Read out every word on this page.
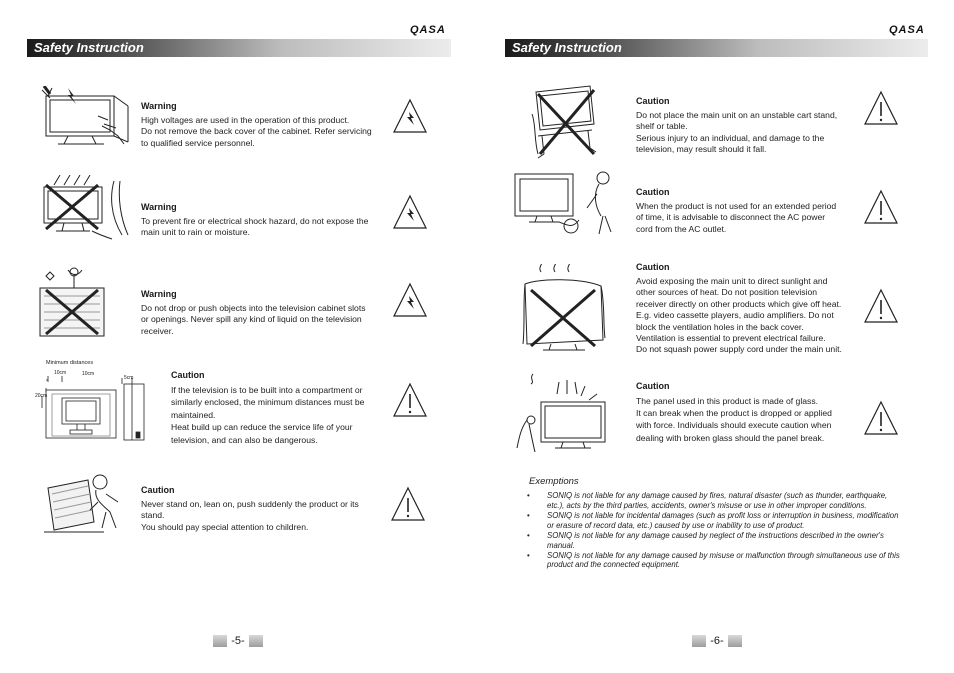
QASA
Safety Instruction
Warning
High voltages are used in the operation of this product.
Do not remove the back cover of the cabinet. Refer servicing
to qualified service personnel.
Warning
To prevent fire or electrical shock hazard, do not expose the
main unit to rain or moisture.
Warning
Do not drop or push objects into the television cabinet slots
or openings. Never spill any kind of liquid on the television
receiver.
Minimum distances
10cm	10cm
5cm
20cm
Caution
If the television is to be built into a compartment or
similarly enclosed, the minimum distances must be
maintained.
Heat build up can reduce the service life of your
television, and can also be dangerous.
Caution
Never stand on, lean on, push suddenly the product or its
stand.
You should pay special attention to children.
-5-
QASA
Safety Instruction
Caution
Do not place the main unit on an unstable cart stand,
shelf or table.
Serious injury to an individual, and damage to the
television, may result should it fall.
Caution
When the product is not used for an extended period
of time, it is advisable to disconnect the AC power
cord from the AC outlet.
Caution
Avoid exposing the main unit to direct sunlight and
other sources of heat. Do not position television
receiver directly on other products which give off heat.
E.g. video cassette players, audio amplifiers. Do not
block the ventilation holes in the back cover.
Ventilation is essential to prevent electrical failure.
Do not squash power supply cord under the main unit.
Caution
The panel used in this product is made of glass.
It can break when the product is dropped or applied
with force. Individuals should execute caution when
dealing with broken glass should the panel break.
Exemptions
• SONIQ is not liable for any damage caused by fires, natural disaster (such as thunder, earthquake, etc.), acts by the third parties, accidents, owner's misuse or use in other improper conditions.
• SONIQ is not liable for incidental damages (such as profit loss or interruption in business, modification or erasure of record data, etc.) caused by use or inability to use of product.
• SONIQ is not liable for any damage caused by neglect of the instructions described in the owner's manual.
• SONIQ is not liable for any damage caused by misuse or malfunction through simultaneous use of this product and the connected equipment.
-6-
